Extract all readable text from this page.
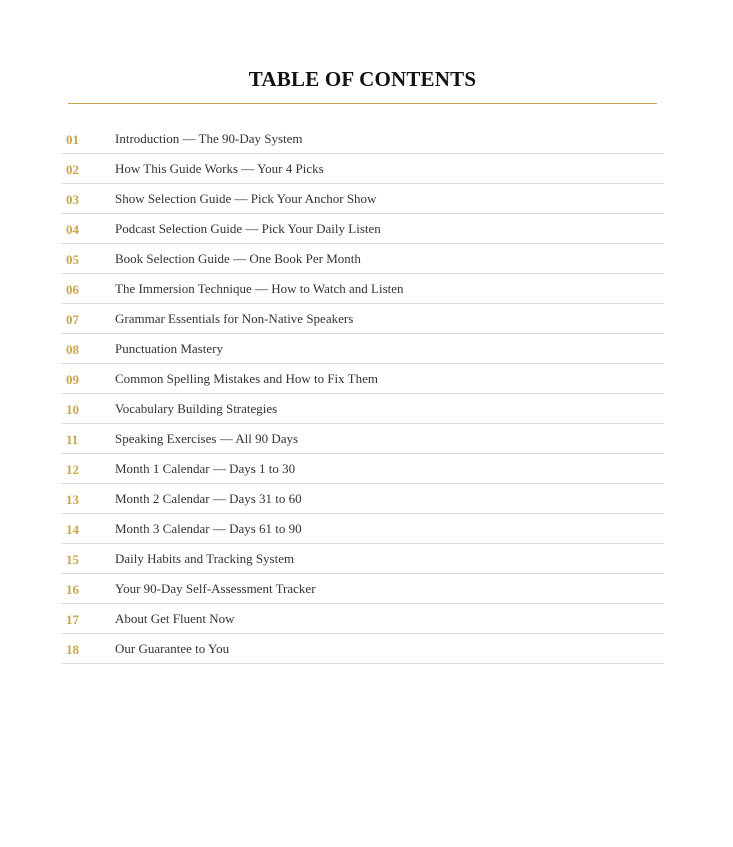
TABLE OF CONTENTS
01	Introduction — The 90-Day System
02	How This Guide Works — Your 4 Picks
03	Show Selection Guide — Pick Your Anchor Show
04	Podcast Selection Guide — Pick Your Daily Listen
05	Book Selection Guide — One Book Per Month
06	The Immersion Technique — How to Watch and Listen
07	Grammar Essentials for Non-Native Speakers
08	Punctuation Mastery
09	Common Spelling Mistakes and How to Fix Them
10	Vocabulary Building Strategies
11	Speaking Exercises — All 90 Days
12	Month 1 Calendar — Days 1 to 30
13	Month 2 Calendar — Days 31 to 60
14	Month 3 Calendar — Days 61 to 90
15	Daily Habits and Tracking System
16	Your 90-Day Self-Assessment Tracker
17	About Get Fluent Now
18	Our Guarantee to You
